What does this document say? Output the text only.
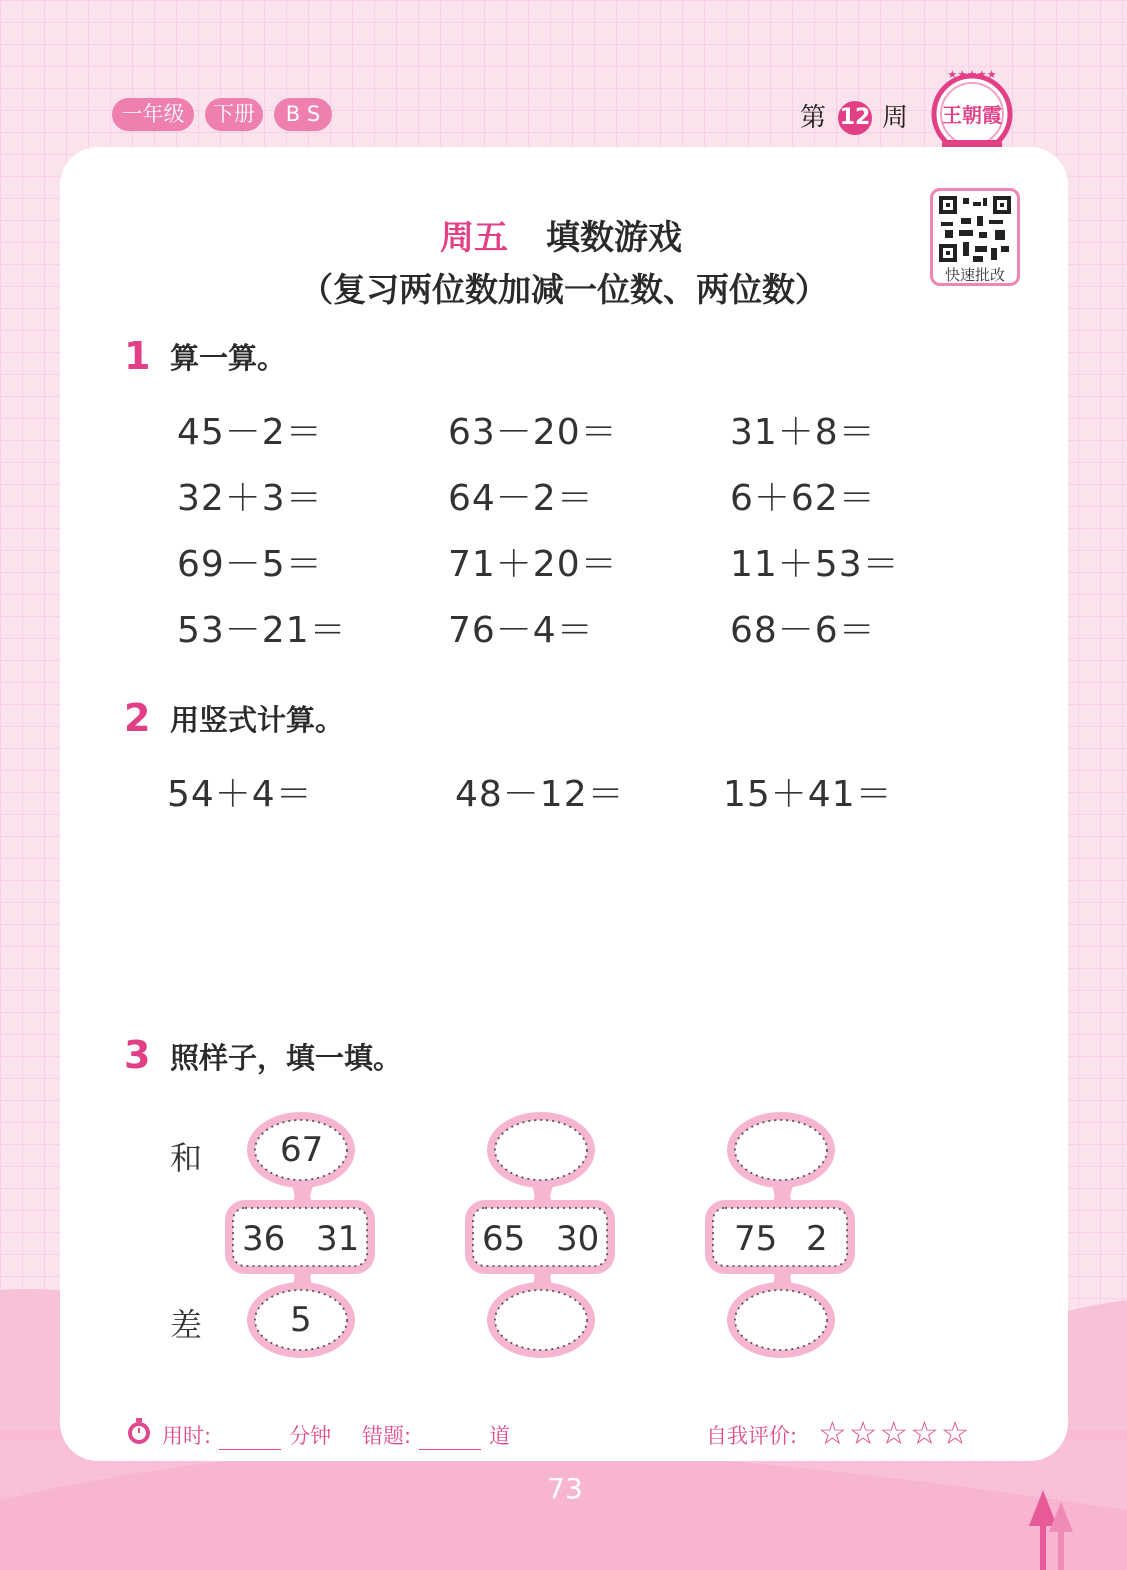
一年级	下册	B S	第 12 周
★★★★★
王朝霞
快速批改
周五 填数游戏
（复习两位数加减一位数、两位数）
1 算一算。
45－2＝	63－20＝	31＋8＝
32＋3＝	64－2＝	6＋62＝
69－5＝	71＋20＝	11＋53＝
53－21＝	76－4＝	68－6＝
2 用竖式计算。
54＋4＝	48－12＝	15＋41＝
3 照样子，填一填。
和
差
67
36 31
5
65 30	75 2
用时:	分钟 错题:	道	自我评价: ☆☆☆☆☆
73
